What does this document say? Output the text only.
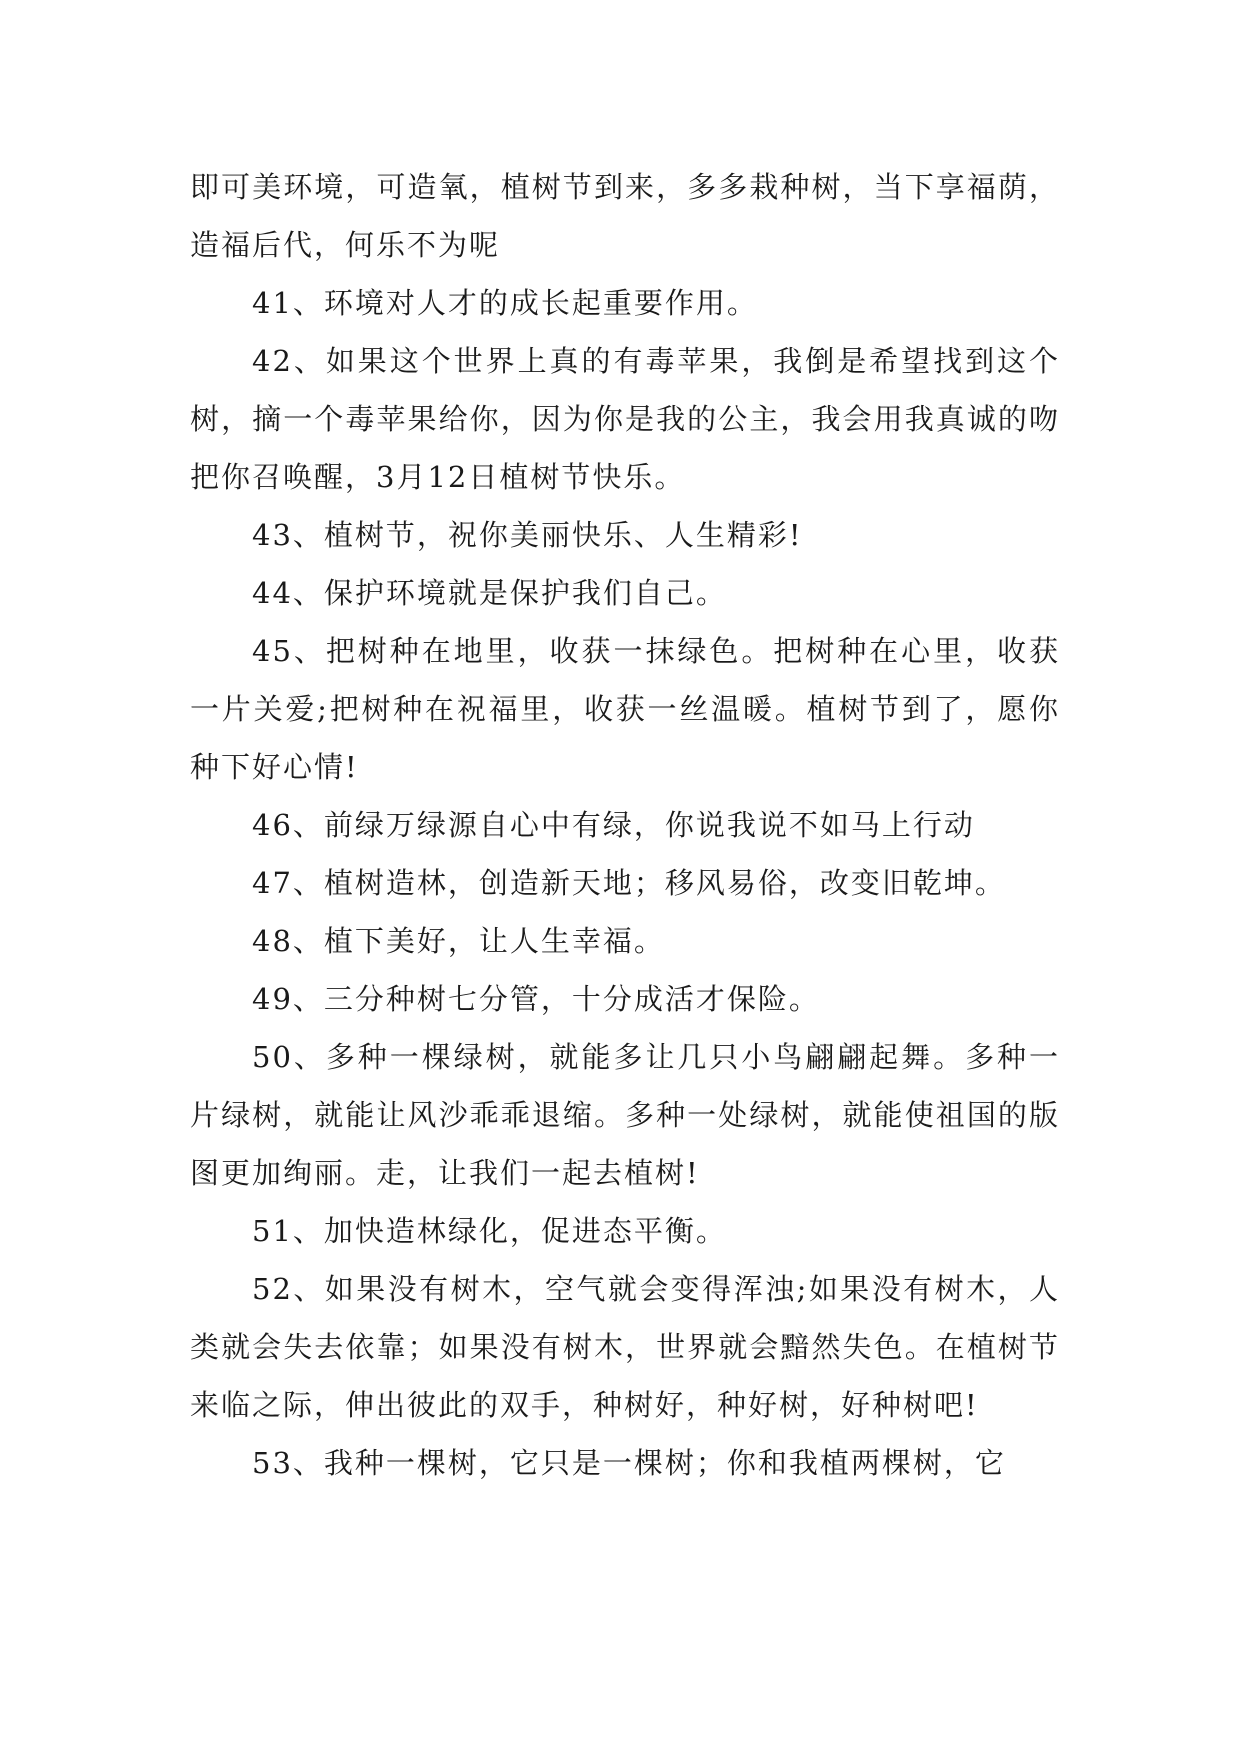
即可美环境，可造氧，植树节到来，多多栽种树，当下享福荫，造福后代，何乐不为呢

41、环境对人才的成长起重要作用。

42、如果这个世界上真的有毒苹果，我倒是希望找到这个树，摘一个毒苹果给你，因为你是我的公主，我会用我真诚的吻把你召唤醒，3月12日植树节快乐。

43、植树节，祝你美丽快乐、人生精彩!

44、保护环境就是保护我们自己。

45、把树种在地里，收获一抹绿色。把树种在心里，收获一片关爱;把树种在祝福里，收获一丝温暖。植树节到了，愿你种下好心情!

46、前绿万绿源自心中有绿，你说我说不如马上行动

47、植树造林，创造新天地；移风易俗，改变旧乾坤。

48、植下美好，让人生幸福。

49、三分种树七分管，十分成活才保险。

50、多种一棵绿树，就能多让几只小鸟翩翩起舞。多种一片绿树，就能让风沙乖乖退缩。多种一处绿树，就能使祖国的版图更加绚丽。走，让我们一起去植树!

51、加快造林绿化，促进态平衡。

52、如果没有树木，空气就会变得浑浊;如果没有树木，人类就会失去依靠；如果没有树木，世界就会黯然失色。在植树节来临之际，伸出彼此的双手，种树好，种好树，好种树吧!

53、我种一棵树，它只是一棵树；你和我植两棵树，它
